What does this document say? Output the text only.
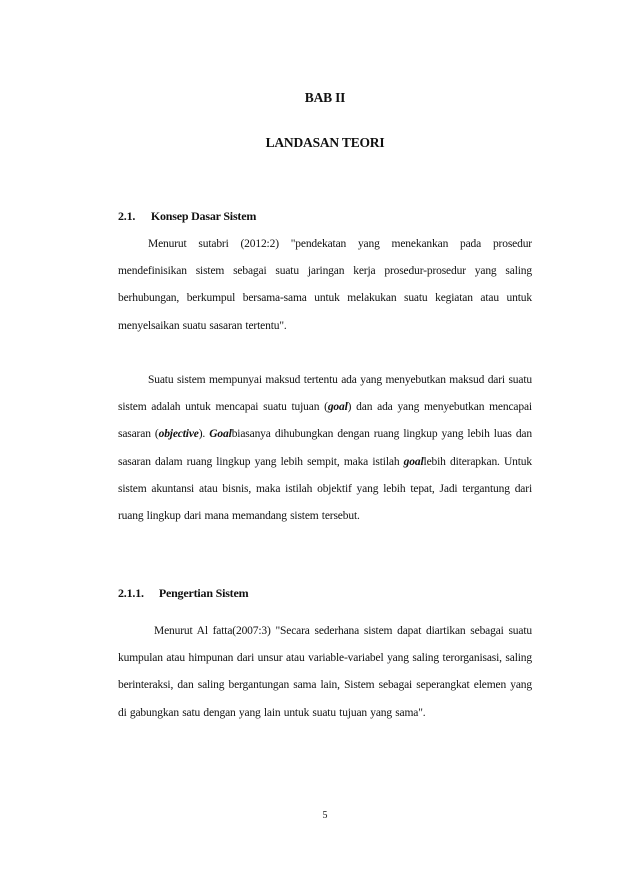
BAB II
LANDASAN TEORI
2.1. Konsep Dasar Sistem

Menurut sutabri (2012:2) "pendekatan yang menekankan pada prosedur mendefinisikan sistem sebagai suatu jaringan kerja prosedur-prosedur yang saling berhubungan, berkumpul bersama-sama untuk melakukan suatu kegiatan atau untuk menyelsaikan suatu sasaran tertentu".

Suatu sistem mempunyai maksud tertentu ada yang menyebutkan maksud dari suatu sistem adalah untuk mencapai suatu tujuan (goal) dan ada yang menyebutkan mencapai sasaran (objective). Goalbiasanya dihubungkan dengan ruang lingkup yang lebih luas dan sasaran dalam ruang lingkup yang lebih sempit, maka istilah goallebih diterapkan. Untuk sistem akuntansi atau bisnis, maka istilah objektif yang lebih tepat, Jadi tergantung dari ruang lingkup dari mana memandang sistem tersebut.

2.1.1. Pengertian Sistem

Menurut Al fatta(2007:3) "Secara sederhana sistem dapat diartikan sebagai suatu kumpulan atau himpunan dari unsur atau variable-variabel yang saling terorganisasi, saling berinteraksi, dan saling bergantungan sama lain, Sistem sebagai seperangkat elemen yang di gabungkan satu dengan yang lain untuk suatu tujuan yang sama".

5
